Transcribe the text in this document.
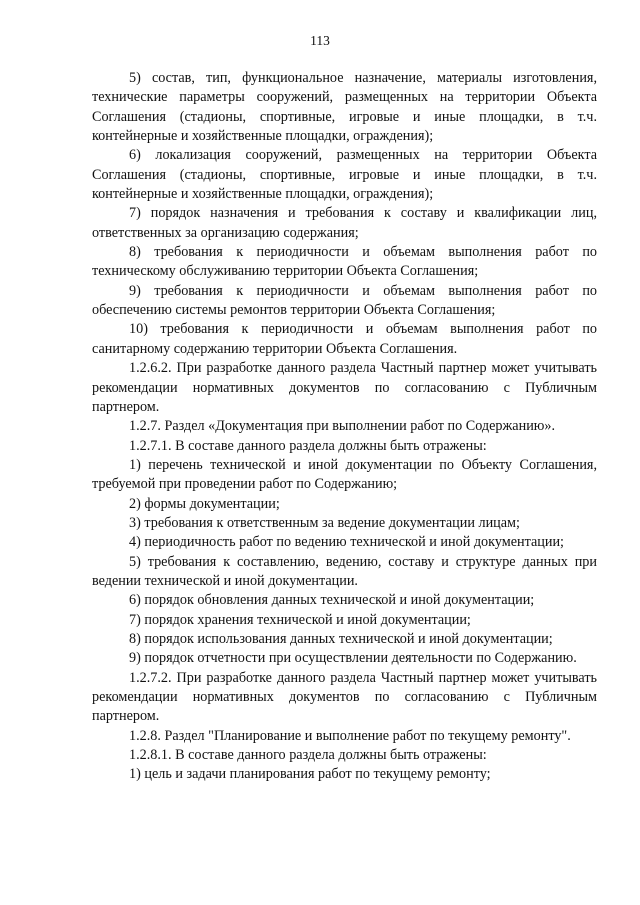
113

5) состав, тип, функциональное назначение, материалы изготовления, технические параметры сооружений, размещенных на территории Объекта Соглашения (стадионы, спортивные, игровые и иные площадки, в т.ч. контейнерные и хозяйственные площадки, ограждения);

6) локализация сооружений, размещенных на территории Объекта Соглашения (стадионы, спортивные, игровые и иные площадки, в т.ч. контейнерные и хозяйственные площадки, ограждения);

7) порядок назначения и требования к составу и квалификации лиц, ответственных за организацию содержания;

8) требования к периодичности и объемам выполнения работ по техническому обслуживанию территории Объекта Соглашения;

9) требования к периодичности и объемам выполнения работ по обеспечению системы ремонтов территории Объекта Соглашения;

10) требования к периодичности и объемам выполнения работ по санитарному содержанию территории Объекта Соглашения.

1.2.6.2. При разработке данного раздела Частный партнер может учитывать рекомендации нормативных документов по согласованию с Публичным партнером.

1.2.7. Раздел «Документация при выполнении работ по Содержанию».

1.2.7.1. В составе данного раздела должны быть отражены:

1) перечень технической и иной документации по Объекту Соглашения, требуемой при проведении работ по Содержанию;

2) формы документации;

3) требования к ответственным за ведение документации лицам;

4) периодичность работ по ведению технической и иной документации;

5) требования к составлению, ведению, составу и структуре данных при ведении технической и иной документации.

6) порядок обновления данных технической и иной документации;

7) порядок хранения технической и иной документации;

8) порядок использования данных технической и иной документации;

9) порядок отчетности при осуществлении деятельности по Содержанию.

1.2.7.2. При разработке данного раздела Частный партнер может учитывать рекомендации нормативных документов по согласованию с Публичным партнером.

1.2.8. Раздел "Планирование и выполнение работ по текущему ремонту".

1.2.8.1. В составе данного раздела должны быть отражены:

1) цель и задачи планирования работ по текущему ремонту;
